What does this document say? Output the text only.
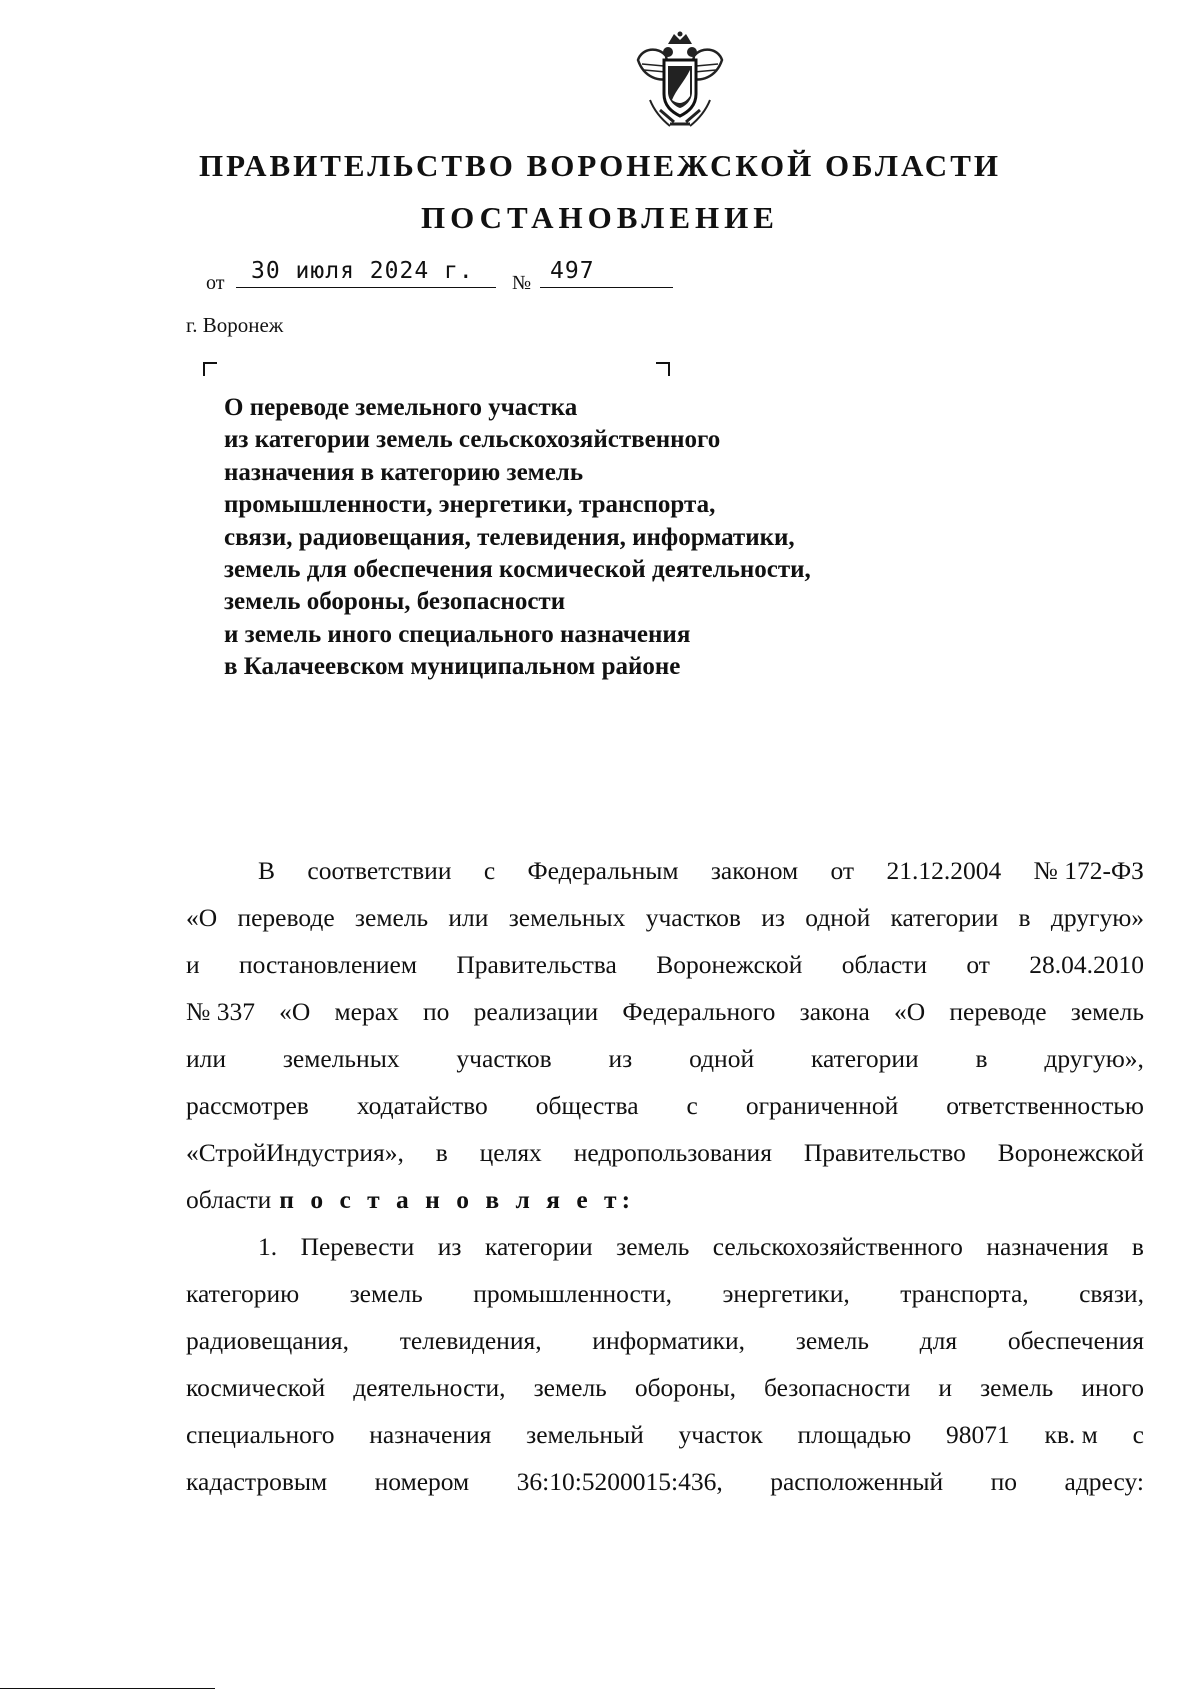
ПРАВИТЕЛЬСТВО ВОРОНЕЖСКОЙ ОБЛАСТИ
ПОСТАНОВЛЕНИЕ
от 30 июля 2024 г. № 497
г. Воронеж
О переводе земельного участка
из категории земель сельскохозяйственного
назначения в категорию земель
промышленности, энергетики, транспорта,
связи, радиовещания, телевидения, информатики,
земель для обеспечения космической деятельности,
земель обороны, безопасности
и земель иного специального назначения
в Калачеевском муниципальном районе
В соответствии с Федеральным законом от 21.12.2004 № 172-ФЗ
«О переводе земель или земельных участков из одной категории в другую»
и постановлением Правительства Воронежской области от 28.04.2010
№ 337 «О мерах по реализации Федерального закона «О переводе земель
или земельных участков из одной категории в другую»,
рассмотрев ходатайство общества с ограниченной ответственностью
«СтройИндустрия», в целях недропользования Правительство Воронежской
области п о с т а н о в л я е т:
1. Перевести из категории земель сельскохозяйственного назначения в
категорию земель промышленности, энергетики, транспорта, связи,
радиовещания, телевидения, информатики, земель для обеспечения
космической деятельности, земель обороны, безопасности и земель иного
специального назначения земельный участок площадью 98071 кв. м с
кадастровым номером 36:10:5200015:436, расположенный по адресу:
